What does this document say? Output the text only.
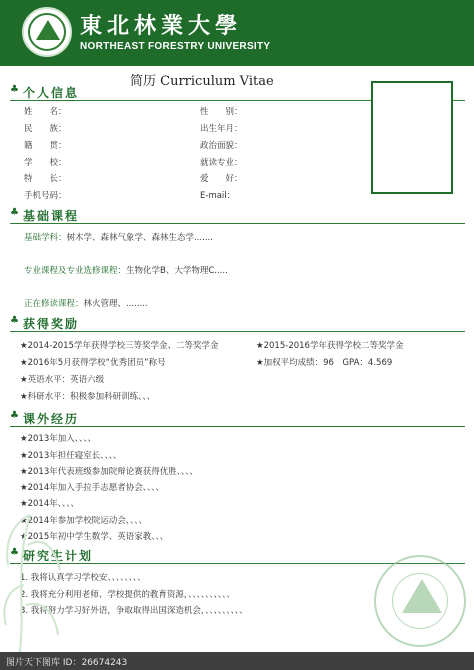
東北林業大學
NORTHEAST FORESTRY UNIVERSITY
简历 Curriculum Vitae
♣ 个人信息
姓　　名：
民　　族：
籍　　贯：
学　　校：
特　　长：
手机号码：
性　　别：
出生年月：
政治面貌：
就读专业：
爱　　好：
E-mail：
♣ 基础课程
基础学科：树木学、森林气象学、森林生态学.......
专业课程及专业选修课程：生物化学B、大学物理C.....
正在修读课程：林火管理、........
♣ 获得奖励
★2014-2015学年获得学校三等奖学金、二等奖学金	★2015-2016学年获得学校二等奖学金
★2016年5月获得学校“优秀团员”称号	★加权平均成绩：96　GPA：4.569
★英语水平：英语六级
★科研水平：积极参加科研训练、、、
♣ 课外经历
★2013年加入、、、、
★2013年担任寝室长、、、、
★2013年代表班级参加院辩论赛获得优胜、、、、
★2014年加入手拉手志愿者协会、、、、
★2014年、、、、
★2014年参加学校院运动会、、、、
★2015年初中学生数学、英语家教、、、
♣ 研究生计划
1. 我将认真学习学校安、、、、、、、、
2. 我将充分利用老师、学校提供的教育资源，、、、、、、、、、、
3. 我将努力学习好外语，争取取得出国深造机会，、、、、、、、、、
图片天下图库 ID：26674243
